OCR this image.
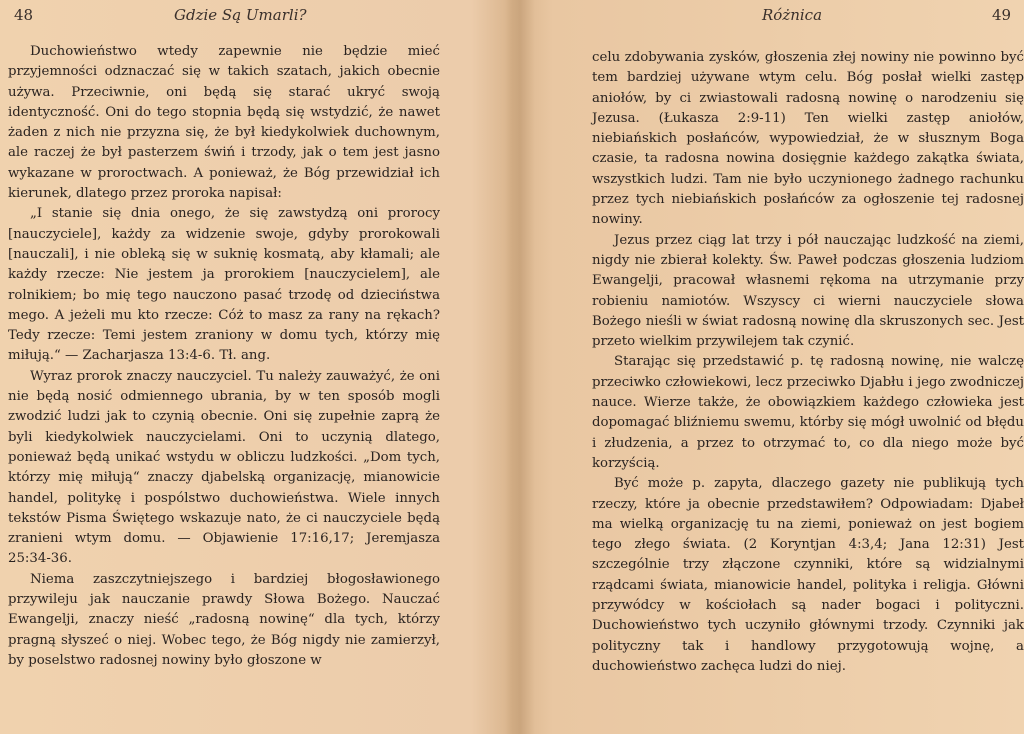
48	Gdzie Są Umarli?

Duchowieństwo wtedy zapewnie nie będzie mieć przyjemności odznaczać się w takich szatach, jakich obecnie używa. Przeciwnie, oni będą się starać ukryć swoją identyczność. Oni do tego stopnia będą się wstydzić, że nawet żaden z nich nie przyzna się, że był kiedykolwiek duchownym, ale raczej że był pasterzem świń i trzody, jak o tem jest jasno wykazane w proroctwach. A ponieważ, że Bóg przewidział ich kierunek, dlatego przez proroka napisał:

„I stanie się dnia onego, że się zawstydzą oni prorocy [nauczyciele], każdy za widzenie swoje, gdyby prorokowali [nauczali], i nie obleką się w suknię kosmatą, aby kłamali; ale każdy rzecze: Nie jestem ja prorokiem [nauczycielem], ale rolnikiem; bo mię tego nauczono pasać trzodę od dzieciństwa mego. A jeżeli mu kto rzecze: Cóż to masz za rany na rękach? Tedy rzecze: Temi jestem zraniony w domu tych, którzy mię miłują.“ — Zacharjasza 13:4-6. Tł. ang.

Wyraz prorok znaczy nauczyciel. Tu należy zauważyć, że oni nie będą nosić odmiennego ubrania, by w ten sposób mogli zwodzić ludzi jak to czynią obecnie. Oni się zupełnie zaprą że byli kiedykolwiek nauczycielami. Oni to uczynią dlatego, ponieważ będą unikać wstydu w obliczu ludzkości. „Dom tych, którzy mię miłują“ znaczy djabelską organizację, mianowicie handel, politykę i pospólstwo duchowieństwa. Wiele innych tekstów Pisma Świętego wskazuje nato, że ci nauczyciele będą zranieni wtym domu. — Objawienie 17:16,17; Jeremjasza 25:34-36.

Niema zaszczytniejszego i bardziej błogosławionego przywileju jak nauczanie prawdy Słowa Bożego. Nauczać Ewangelji, znaczy nieść „radosną nowinę“ dla tych, którzy pragną słyszeć o niej. Wobec tego, że Bóg nigdy nie zamierzył, by poselstwo radosnej nowiny było głoszone w

Różnica	49

celu zdobywania zysków, głoszenia złej nowiny nie powinno być tem bardziej używane wtym celu. Bóg posłał wielki zastęp aniołów, by ci zwiastowali radosną nowinę o narodzeniu się Jezusa. (Łukasza 2:9-11) Ten wielki zastęp aniołów, niebiańskich posłańców, wypowiedział, że w słusznym Boga czasie, ta radosna nowina dosięgnie każdego zakątka świata, wszystkich ludzi. Tam nie było uczynionego żadnego rachunku przez tych niebiańskich posłańców za ogłoszenie tej radosnej nowiny.

Jezus przez ciąg lat trzy i pół nauczając ludzkość na ziemi, nigdy nie zbierał kolekty. Św. Paweł podczas głoszenia ludziom Ewangelji, pracował własnemi rękoma na utrzymanie przy robieniu namiotów. Wszyscy ci wierni nauczyciele słowa Bożego nieśli w świat radosną nowinę dla skruszonych sec. Jest przeto wielkim przywilejem tak czynić.

Starając się przedstawić p. tę radosną nowinę, nie walczę przeciwko człowiekowi, lecz przeciwko Djabłu i jego zwodniczej nauce. Wierze także, że obowiązkiem każdego człowieka jest dopomagać bliźniemu swemu, którby się mógł uwolnić od błędu i złudzenia, a przez to otrzymać to, co dla niego może być korzyścią.

Być może p. zapyta, dlaczego gazety nie publikują tych rzeczy, które ja obecnie przedstawiłem? Odpowiadam: Djabeł ma wielką organizację tu na ziemi, ponieważ on jest bogiem tego złego świata. (2 Koryntjan 4:3,4; Jana 12:31) Jest szczególnie trzy złączone czynniki, które są widzialnymi rządcami świata, mianowicie handel, polityka i religja. Główni przywódcy w kościołach są nader bogaci i polityczni. Duchowieństwo tych uczyniło głównymi trzody. Czynniki jak polityczny tak i handlowy przygotowują wojnę, a duchowieństwo zachęca ludzi do niej.
